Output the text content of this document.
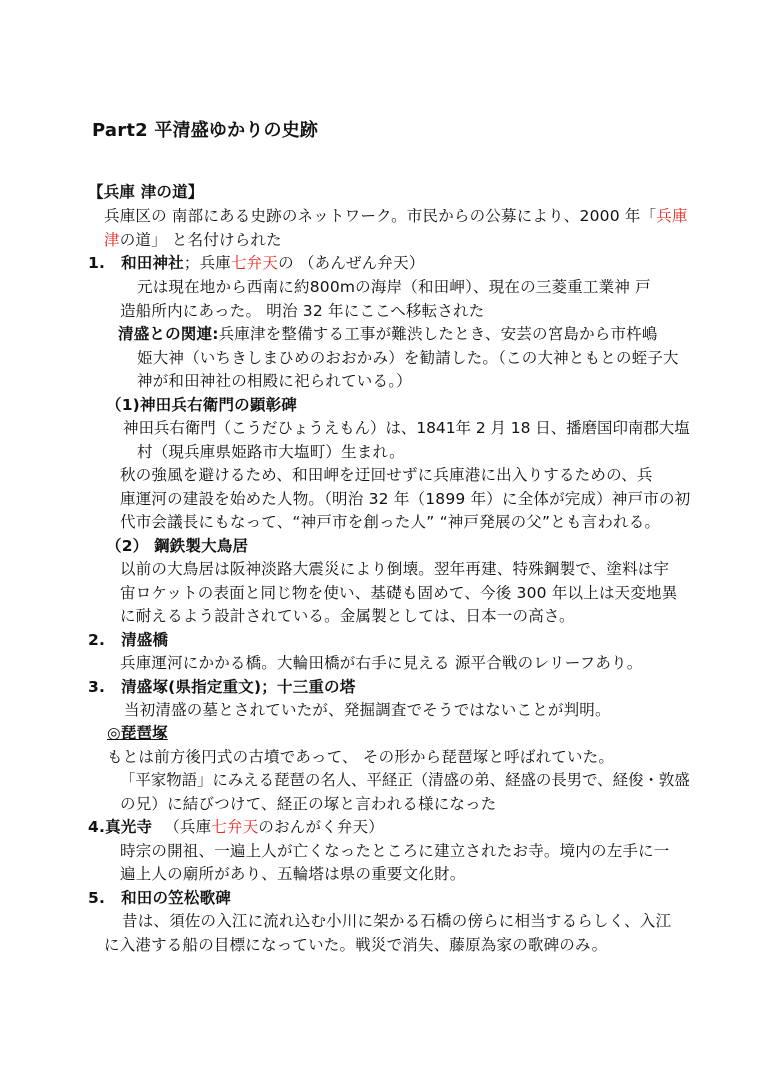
Part2 平清盛ゆかりの史跡
【兵庫 津の道】
兵庫区の 南部にある史跡のネットワーク。市民からの公募により、2000 年「兵庫
津の道」 と名付けられた
1. 和田神社；兵庫七弁天の （あんぜん弁天）
元は現在地から西南に約800mの海岸（和田岬）、現在の三菱重工業神 戸
造船所内にあった。 明治 32 年にここへ移転された
清盛との関連:兵庫津を整備する工事が難渋したとき、安芸の宮島から市杵嶋
姫大神（いちきしまひめのおおかみ）を勧請した。（この大神ともとの蛭子大
神が和田神社の相殿に祀られている。）
（1)神田兵右衛門の顕彰碑
神田兵右衛門（こうだひょうえもん）は、1841年 2 月 18 日、播磨国印南郡大塩
村（現兵庫県姫路市大塩町）生まれ。
秋の強風を避けるため、和田岬を迂回せずに兵庫港に出入りするための、兵
庫運河の建設を始めた人物。（明治 32 年（1899 年）に全体が完成）神戸市の初
代市会議長にもなって、“神戸市を創った人” “神戸発展の父”とも言われる。
（2） 鋼鉄製大鳥居
以前の大鳥居は阪神淡路大震災により倒壊。翌年再建、特殊鋼製で、塗料は宇
宙ロケットの表面と同じ物を使い、基礎も固めて、今後 300 年以上は天変地異
に耐えるよう設計されている。金属製としては、日本一の高さ。
2. 清盛橋
兵庫運河にかかる橋。大輪田橋が右手に見える 源平合戦のレリーフあり。
3. 清盛塚(県指定重文)；十三重の塔
当初清盛の墓とされていたが、発掘調査でそうではないことが判明。
◎琵琶塚
もとは前方後円式の古墳であって、 その形から琵琶塚と呼ばれていた。
「平家物語」にみえる琵琶の名人、平経正（清盛の弟、経盛の長男で、経俊・敦盛
の兄）に結びつけて、経正の塚と言われる様になった
4.真光寺 （兵庫七弁天のおんがく弁天）
時宗の開祖、一遍上人が亡くなったところに建立されたお寺。境内の左手に一
遍上人の廟所があり、五輪塔は県の重要文化財。
5. 和田の笠松歌碑
昔は、須佐の入江に流れ込む小川に架かる石橋の傍らに相当するらしく、入江
に入港する船の目標になっていた。戦災で消失、藤原為家の歌碑のみ。
